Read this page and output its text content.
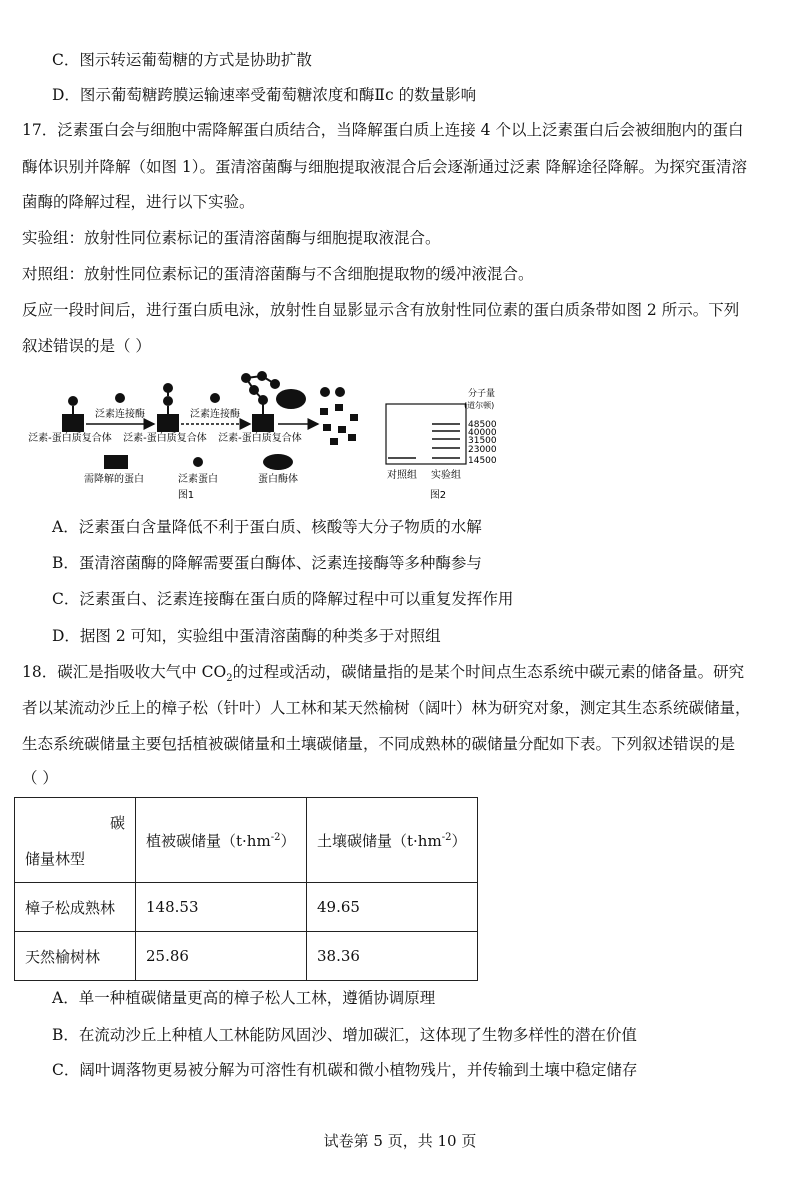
C．图示转运葡萄糖的方式是协助扩散
D．图示葡萄糖跨膜运输速率受葡萄糖浓度和酶Ⅱc 的数量影响
17．泛素蛋白会与细胞中需降解蛋白质结合，当降解蛋白质上连接 4 个以上泛素蛋白后会被细胞内的蛋白
酶体识别并降解（如图 1）。蛋清溶菌酶与细胞提取液混合后会逐渐通过泛素 降解途径降解。为探究蛋清溶
菌酶的降解过程，进行以下实验。
实验组：放射性同位素标记的蛋清溶菌酶与细胞提取液混合。
对照组：放射性同位素标记的蛋清溶菌酶与不含细胞提取物的缓冲液混合。
反应一段时间后，进行蛋白质电泳，放射性自显影显示含有放射性同位素的蛋白质条带如图 2 所示。下列
叙述错误的是（ ）
泛素连接酶	泛素连接酶
泛素-蛋白质复合体 泛素-蛋白质复合体 泛素-蛋白质复合体
需降解的蛋白	泛素蛋白	蛋白酶体
图1
分子量
(道尔顿)
48500
40000
31500
23000
14500
对照组 实验组
图2
A．泛素蛋白含量降低不利于蛋白质、核酸等大分子物质的水解
B．蛋清溶菌酶的降解需要蛋白酶体、泛素连接酶等多种酶参与
C．泛素蛋白、泛素连接酶在蛋白质的降解过程中可以重复发挥作用
D．据图 2 可知，实验组中蛋清溶菌酶的种类多于对照组
18．碳汇是指吸收大气中 $CO_2$的过程或活动，碳储量指的是某个时间点生态系统中碳元素的储备量。研究
者以某流动沙丘上的樟子松（针叶）人工林和某天然榆树（阔叶）林为研究对象，测定其生态系统碳储量，
生态系统碳储量主要包括植被碳储量和土壤碳储量，不同成熟林的碳储量分配如下表。下列叙述错误的是
（ ）
碳
储量林型	植被碳储量$(t\cdot hm^{-2})$	土壤碳储量$(t\cdot hm^{-2})$
樟子松成熟林	148.53	49.65
天然榆树林	25.86	38.36
A．单一种植碳储量更高的樟子松人工林，遵循协调原理
B．在流动沙丘上种植人工林能防风固沙、增加碳汇，这体现了生物多样性的潜在价值
C．阔叶调落物更易被分解为可溶性有机碳和微小植物残片，并传输到土壤中稳定储存
试卷第 5 页，共 10 页
